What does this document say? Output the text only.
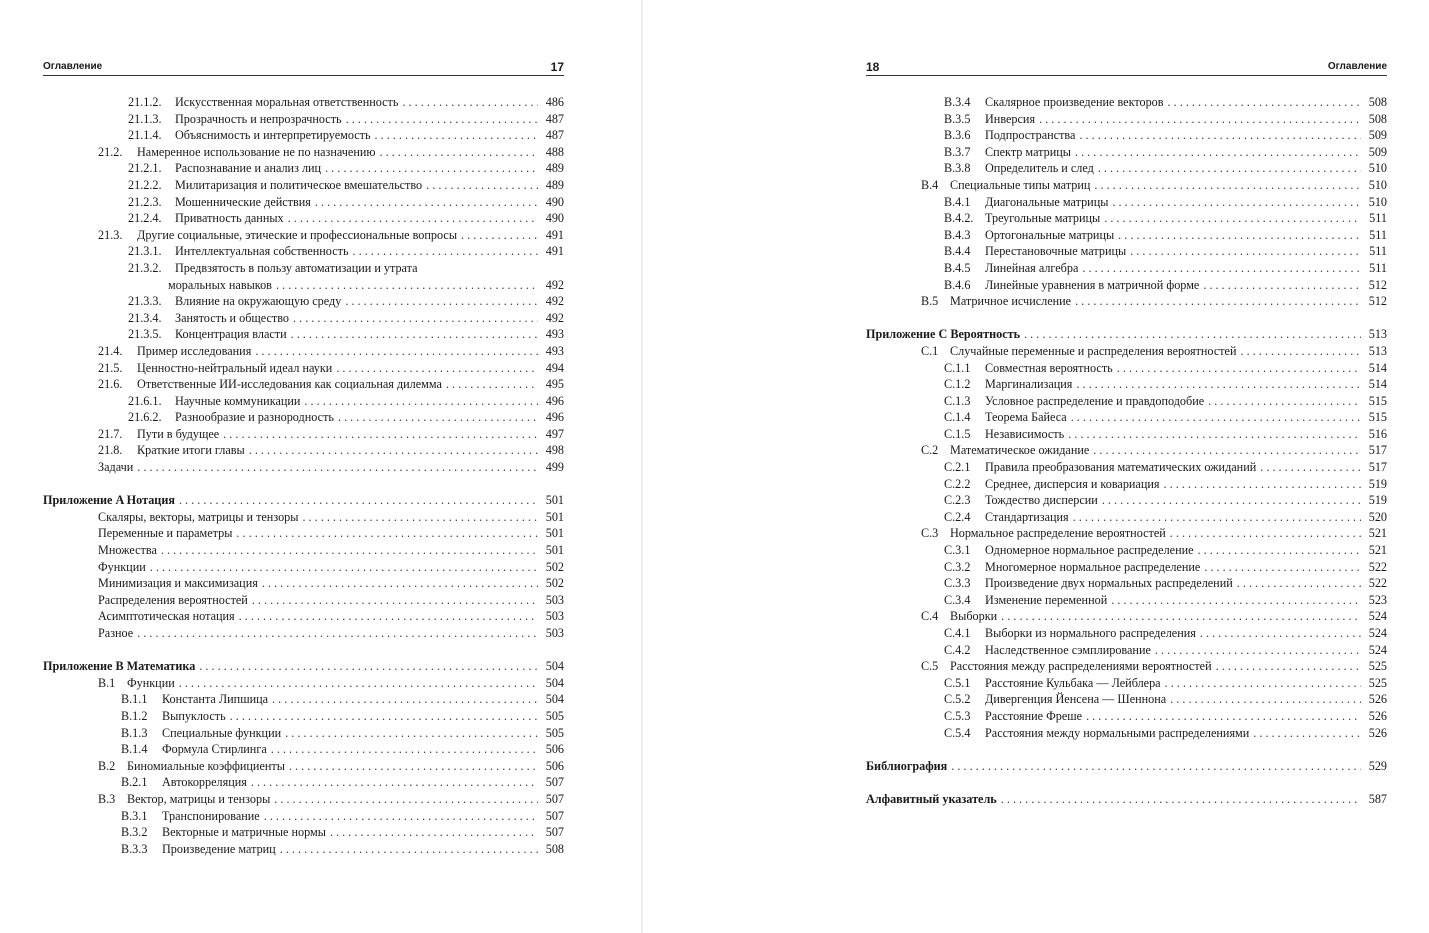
Оглавление	17
21.1.2.	Искусственная моральная ответственность . . .	486
21.1.3.	Прозрачность и непрозрачность . . .	487
21.1.4.	Объяснимость и интерпретируемость . . .	487
21.2.	Намеренное использование не по назначению . . .	488
21.2.1.	Распознавание и анализ лиц . . .	489
21.2.2.	Милитаризация и политическое вмешательство . . .	489
21.2.3.	Мошеннические действия . . .	490
21.2.4.	Приватность данных . . .	490
21.3.	Другие социальные, этические и профессиональные вопросы . . .	491
21.3.1.	Интеллектуальная собственность . . .	491
21.3.2.	Предвзятость в пользу автоматизации и утрата
моральных навыков . . .	492
21.3.3.	Влияние на окружающую среду . . .	492
21.3.4.	Занятость и общество . . .	492
21.3.5.	Концентрация власти . . .	493
21.4.	Пример исследования . . .	493
21.5.	Ценностно-нейтральный идеал науки . . .	494
21.6.	Ответственные ИИ-исследования как социальная дилемма . . .	495
21.6.1.	Научные коммуникации . . .	496
21.6.2.	Разнообразие и разнородность . . .	496
21.7.	Пути в будущее . . .	497
21.8.	Краткие итоги главы . . .	498
Задачи . . .	499
Приложение A Нотация . . .	501
Скаляры, векторы, матрицы и тензоры . . .	501
Переменные и параметры . . .	501
Множества . . .	501
Функции . . .	502
Минимизация и максимизация . . .	502
Распределения вероятностей . . .	503
Асимптотическая нотация . . .	503
Разное . . .	503
Приложение B Математика . . .	504
B.1 Функции . . .	504
B.1.1	Константа Липшица . . .	504
B.1.2	Выпуклость . . .	505
B.1.3	Специальные функции . . .	505
B.1.4	Формула Стирлинга . . .	506
B.2 Биномиальные коэффициенты . . .	506
B.2.1	Автокорреляция . . .	507
B.3 Вектор, матрицы и тензоры . . .	507
B.3.1	Транспонирование . . .	507
B.3.2	Векторные и матричные нормы . . .	507
B.3.3	Произведение матриц . . .	508
18	Оглавление
B.3.4	Скалярное произведение векторов . . .	508
B.3.5	Инверсия . . .	508
B.3.6	Подпространства . . .	509
B.3.7	Спектр матрицы . . .	509
B.3.8	Определитель и след . . .	510
B.4 Специальные типы матриц . . .	510
B.4.1	Диагональные матрицы . . .	510
B.4.2. Треугольные матрицы . . .	511
B.4.3	Ортогональные матрицы . . .	511
B.4.4	Перестановочные матрицы . . .	511
B.4.5	Линейная алгебра . . .	511
B.4.6	Линейные уравнения в матричной форме . . .	512
B.5 Матричное исчисление . . .	512
Приложение C Вероятность . . .	513
C.1 Случайные переменные и распределения вероятностей . . .	513
C.1.1	Совместная вероятность . . .	514
C.1.2	Маргинализация . . .	514
C.1.3	Условное распределение и правдоподобие . . .	515
C.1.4	Теорема Байеса . . .	515
C.1.5	Независимость . . .	516
C.2 Математическое ожидание . . .	517
C.2.1	Правила преобразования математических ожиданий . . .	517
C.2.2	Среднее, дисперсия и ковариация . . .	519
C.2.3	Тождество дисперсии . . .	519
C.2.4	Стандартизация . . .	520
C.3 Нормальное распределение вероятностей . . .	521
C.3.1	Одномерное нормальное распределение . . .	521
C.3.2	Многомерное нормальное распределение . . .	522
C.3.3	Произведение двух нормальных распределений . . .	522
C.3.4	Изменение переменной . . .	523
C.4 Выборки . . .	524
C.4.1	Выборки из нормального распределения . . .	524
C.4.2	Наследственное сэмплирование . . .	524
C.5 Расстояния между распределениями вероятностей . . .	525
C.5.1	Расстояние Кульбака — Лейблера . . .	525
C.5.2	Дивергенция Йенсена — Шеннона . . .	526
C.5.3	Расстояние Фреше . . .	526
C.5.4	Расстояния между нормальными распределениями . . .	526
Библиография . . .	529
Алфавитный указатель . . .	587
